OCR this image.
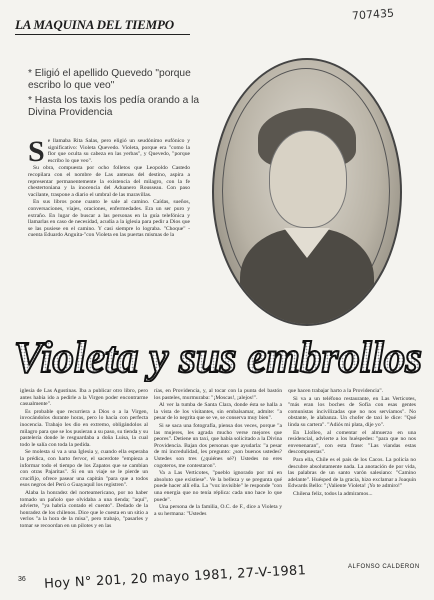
LA MAQUINA DEL TIEMPO
707435
* Eligió el apellido Quevedo "porque escribo lo que veo"
* Hasta los taxis los pedía orando a la Divina Providencia
S e llamaba Rita Salas, pero eligió un seudónimo eufónico y significativo: Violeta Quevedo. Violeta, porque era "como la flor que oculta su cabeza en las yerbas", y Quevedo, "porque escribo lo que veo".

Su obra, compuesta por ocho folletos que Leopoldo Castedo recopilara con el nombre de Las antenas del destino, aspira a representar permanentemente la existencia del milagro, con la fe chestertoniana y la inocencia del Aduanero Rousseau. Con paso vacilante, traspone a diario el umbral de las maravillas.

En sus libros pone cuanto le sale al camino. Caídas, sueños, conversaciones, viajes, oraciones, enfermedades. Era un ser puro y extraño. En lugar de buscar a las personas en la guía telefónica y llamarlas en caso de necesidad, acudía a la iglesia para pedir a Dios que se las pusiese en el camino. Y casi siempre lo lograba. "Choque" -cuenta Eduardo Anguita-"con Violeta en las puertas mismas de la

Violeta y sus embrollos

iglesia de Las Agustinas. Iba a publicar otro libro, pero antes había ido a pedirle a la Virgen poder encontrarme casualmente".

Es probable que recurriera a Dios o a la Virgen, invocándolos durante horas, pero lo hacía con perfecta inocencia. Trabajo les dio en extremo, obligándolos al milagro para que se los pusieran a su paso, su tienda y su pastelería donde le resguardaba a doña Luisa, la cual todo le salía con toda la pedida.

Se molesta si va a una Iglesia y, cuando ella esperaba la prédica, con harto fervor, el sacerdote "empieza a informar todo el tiempo de los Zapatos que se cambian con otras Pajaritas". Si en un viaje se le pierde un crucifijo, ofrece pasear una capitán "para que a todos esos negros del Perú o Guayaquil los registren".

Alaba la honradez del norteamericano, por no haber tomado un pañolo que olvidaba a una tienda; "aquí", advierte, "ya habría contado el cuento". Dedado de la honradez de los chilenos. Dice que le cuesta en un sitio a verlos "a la hora de la misa", pero trabajo, "pasarles y tomar se recoordan en un pilotes y en las

rías, en Providencia, y, al tocar con la punta del bastón los pasteles, murmuraba: "¡Moscas!, ¡alejos!".

Al ver la tumba de Santa Clara, donde ésta se halla a la vista de los visitantes, sin embalsamar, admite: "a pesar de lo negrita que se ve, se conserva muy bien".

Si se saca una fotografía, piensa dos veces, porque "a las mujeres, les agrada mucho verse mejores que peores". Detiene un taxi, que había solicitado a la Divina Providencia. Bajan dos personas que ayudarla: "a pesar de mi incredulidad, les pregunto: ¿son buenos ustedes? Ustedes son tres (¿quiénes sé?) Ustedes no eres cogoteros, me contestaron".

Va a Las Verticotes, "pueblo ignorado por mí en absoluto que existiese". Ve la belleza y se pregunta qué puede hacer allí ella. La "voz invisible" le responde "con una energía que no tenía réplica: cada uno hace lo que puede".

Una persona de la familia, O.C. de F., dice a Violeta y a su hermana: "Ustedes

que hacen trabajar harto a la Providencia".

Si va a un teléfono restaurante, en Las Verticotes, "más eran los boches de Sofía con esas gentes comunistas incivilizadas que no nos servíamos". No obstante, le alabanza. Un chofer de taxi le dice: "Qué linda su cartera". "Adiós mi plata, dije yo".

En Llolleo, al comentar el almuerzo en una residencial, advierte a los huéspedes: "para que no nos envenenaran", con esta frase: "Las viandas estas descompuestas".

Para ella, Chile es el país de los Cacos. La policía no descubre absolutamente nada. La anotación de por vida, las palabras de un santo varón salesiano: "Camino adelante". Huésped de la gracia, hizo exclamar a Joaquín Edwards Bello: "¡Valiente Violeta! ¡Yo te admiro!"

Chilena feliz, todos la admiramos...

ALFONSO CALDERON
36 Hoy N° 201, 20 mayo 1981, 27-V-1981
